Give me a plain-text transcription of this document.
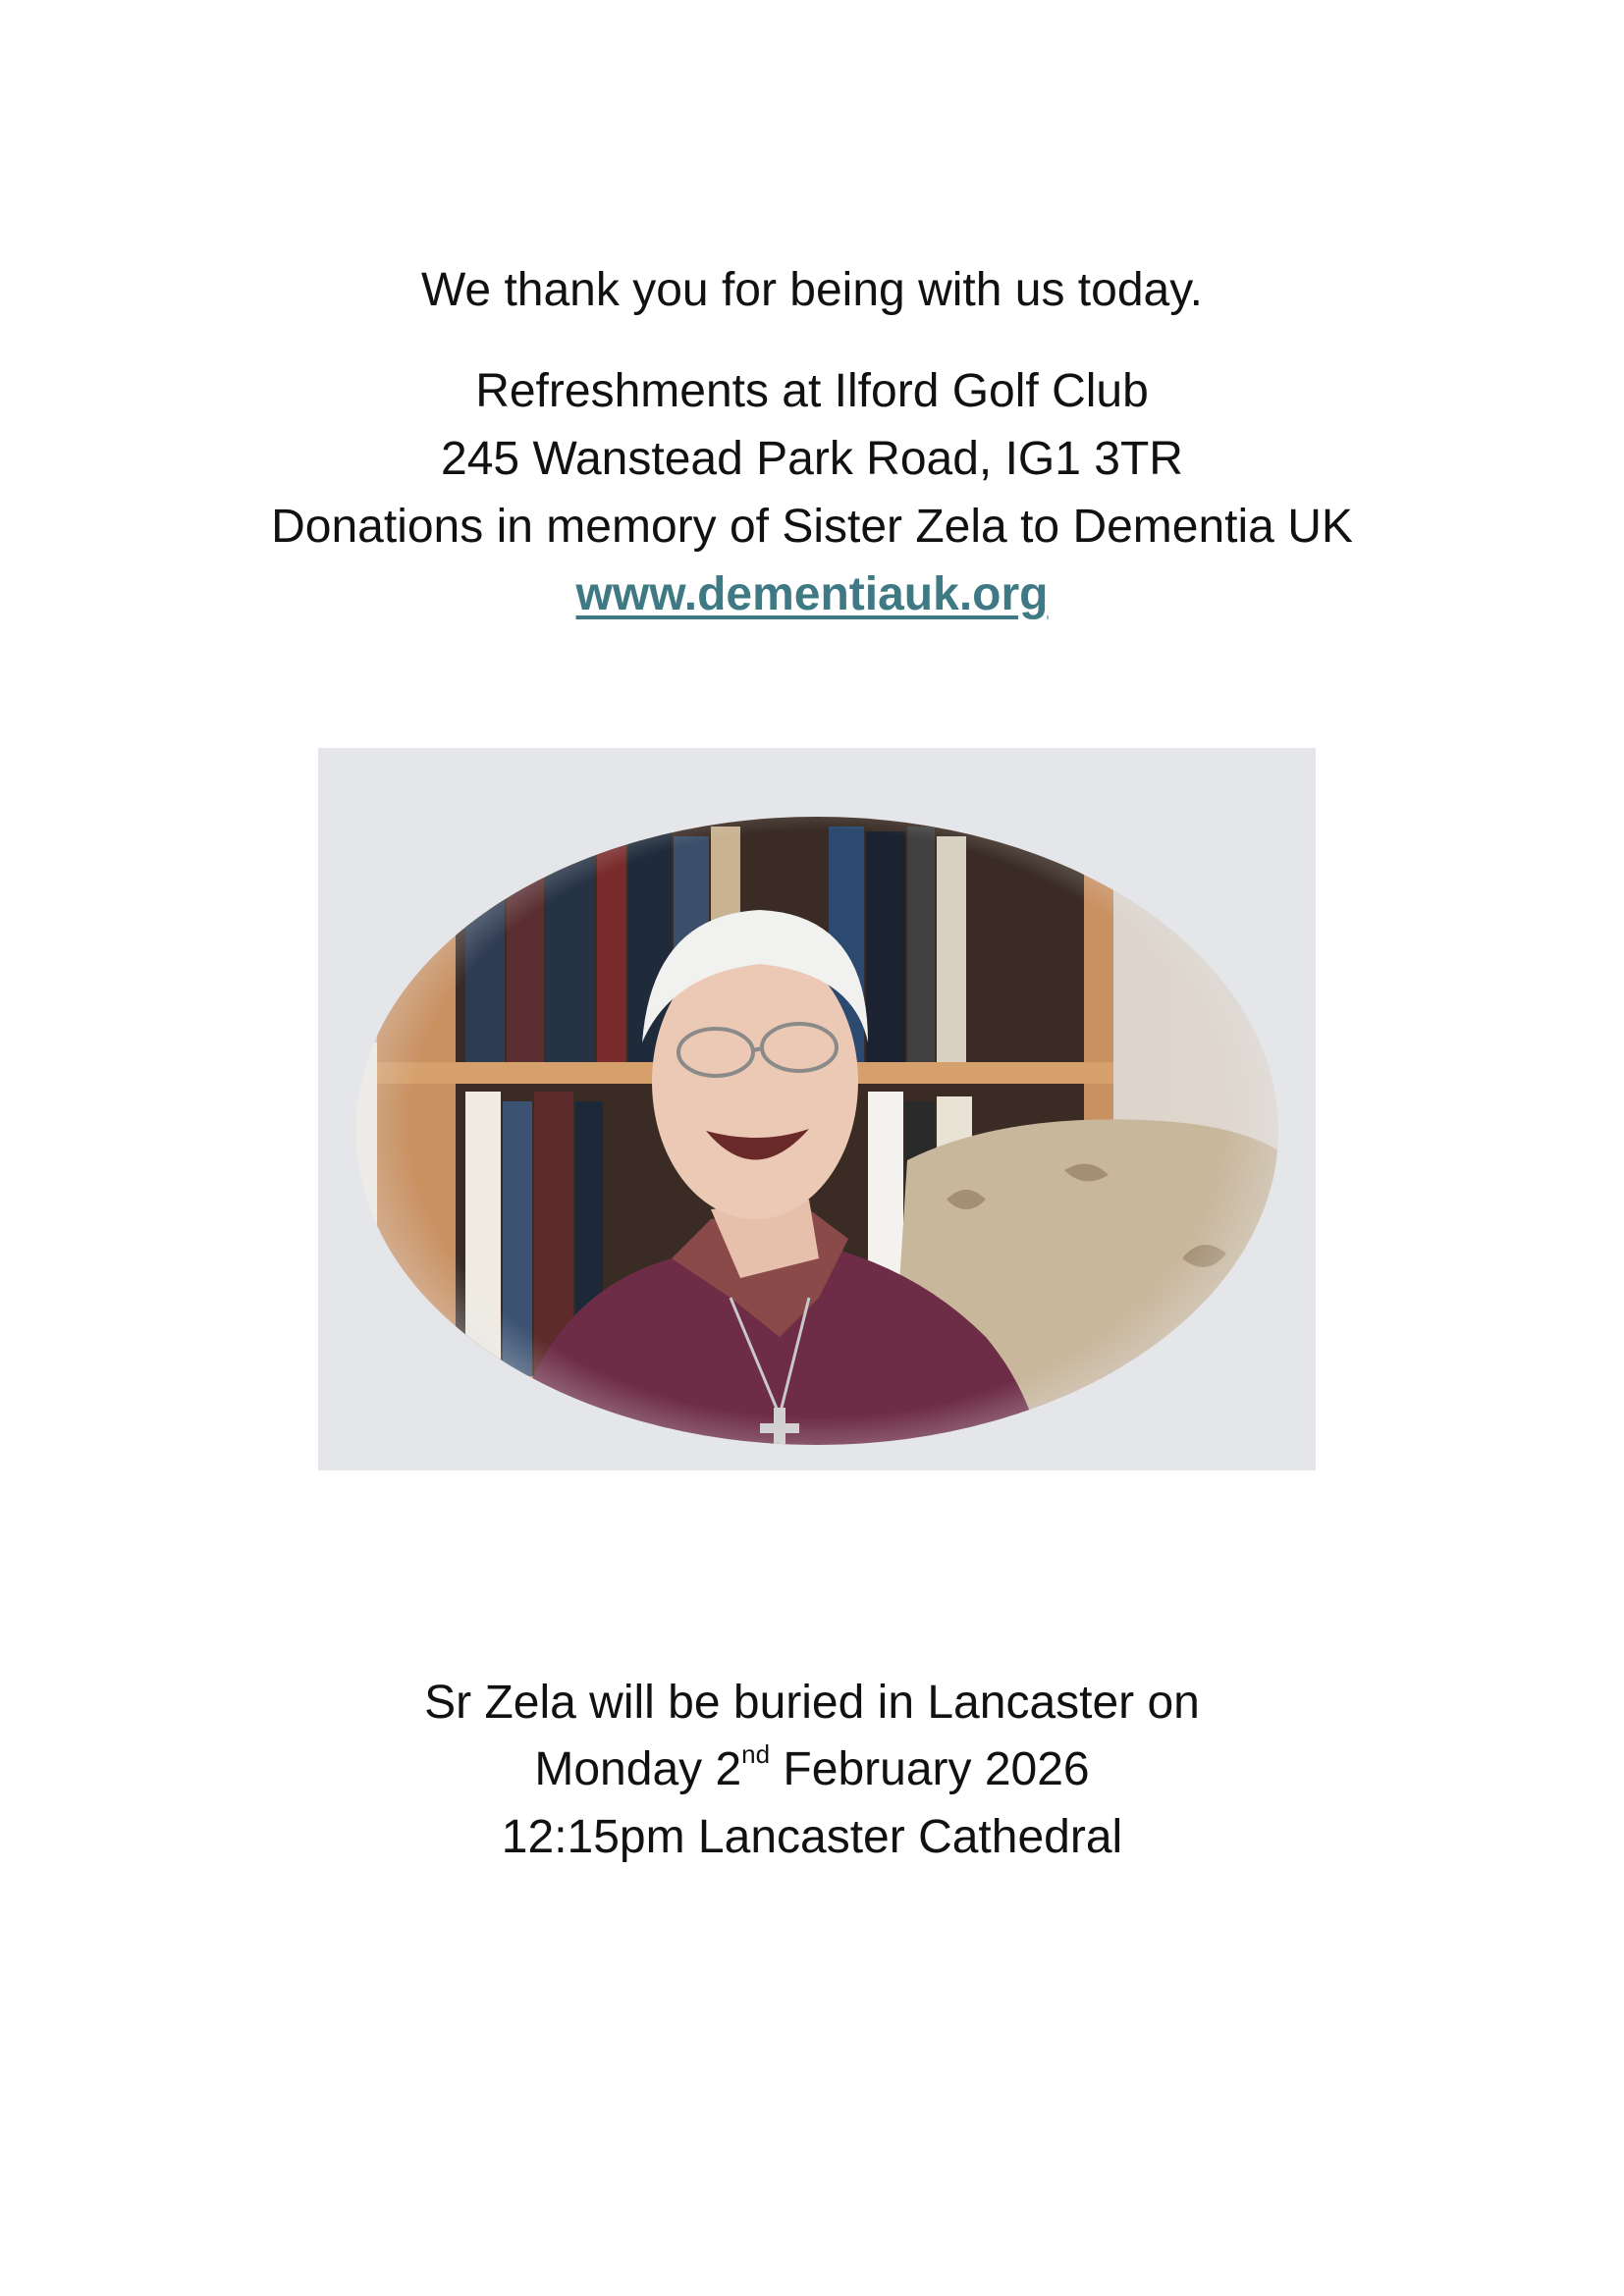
We thank you for being with us today.
Refreshments at Ilford Golf Club
245 Wanstead Park Road, IG1 3TR
Donations in memory of Sister Zela to Dementia UK
www.dementiauk.org
Sr Zela will be buried in Lancaster on
Monday 2nd February 2026
12:15pm Lancaster Cathedral
